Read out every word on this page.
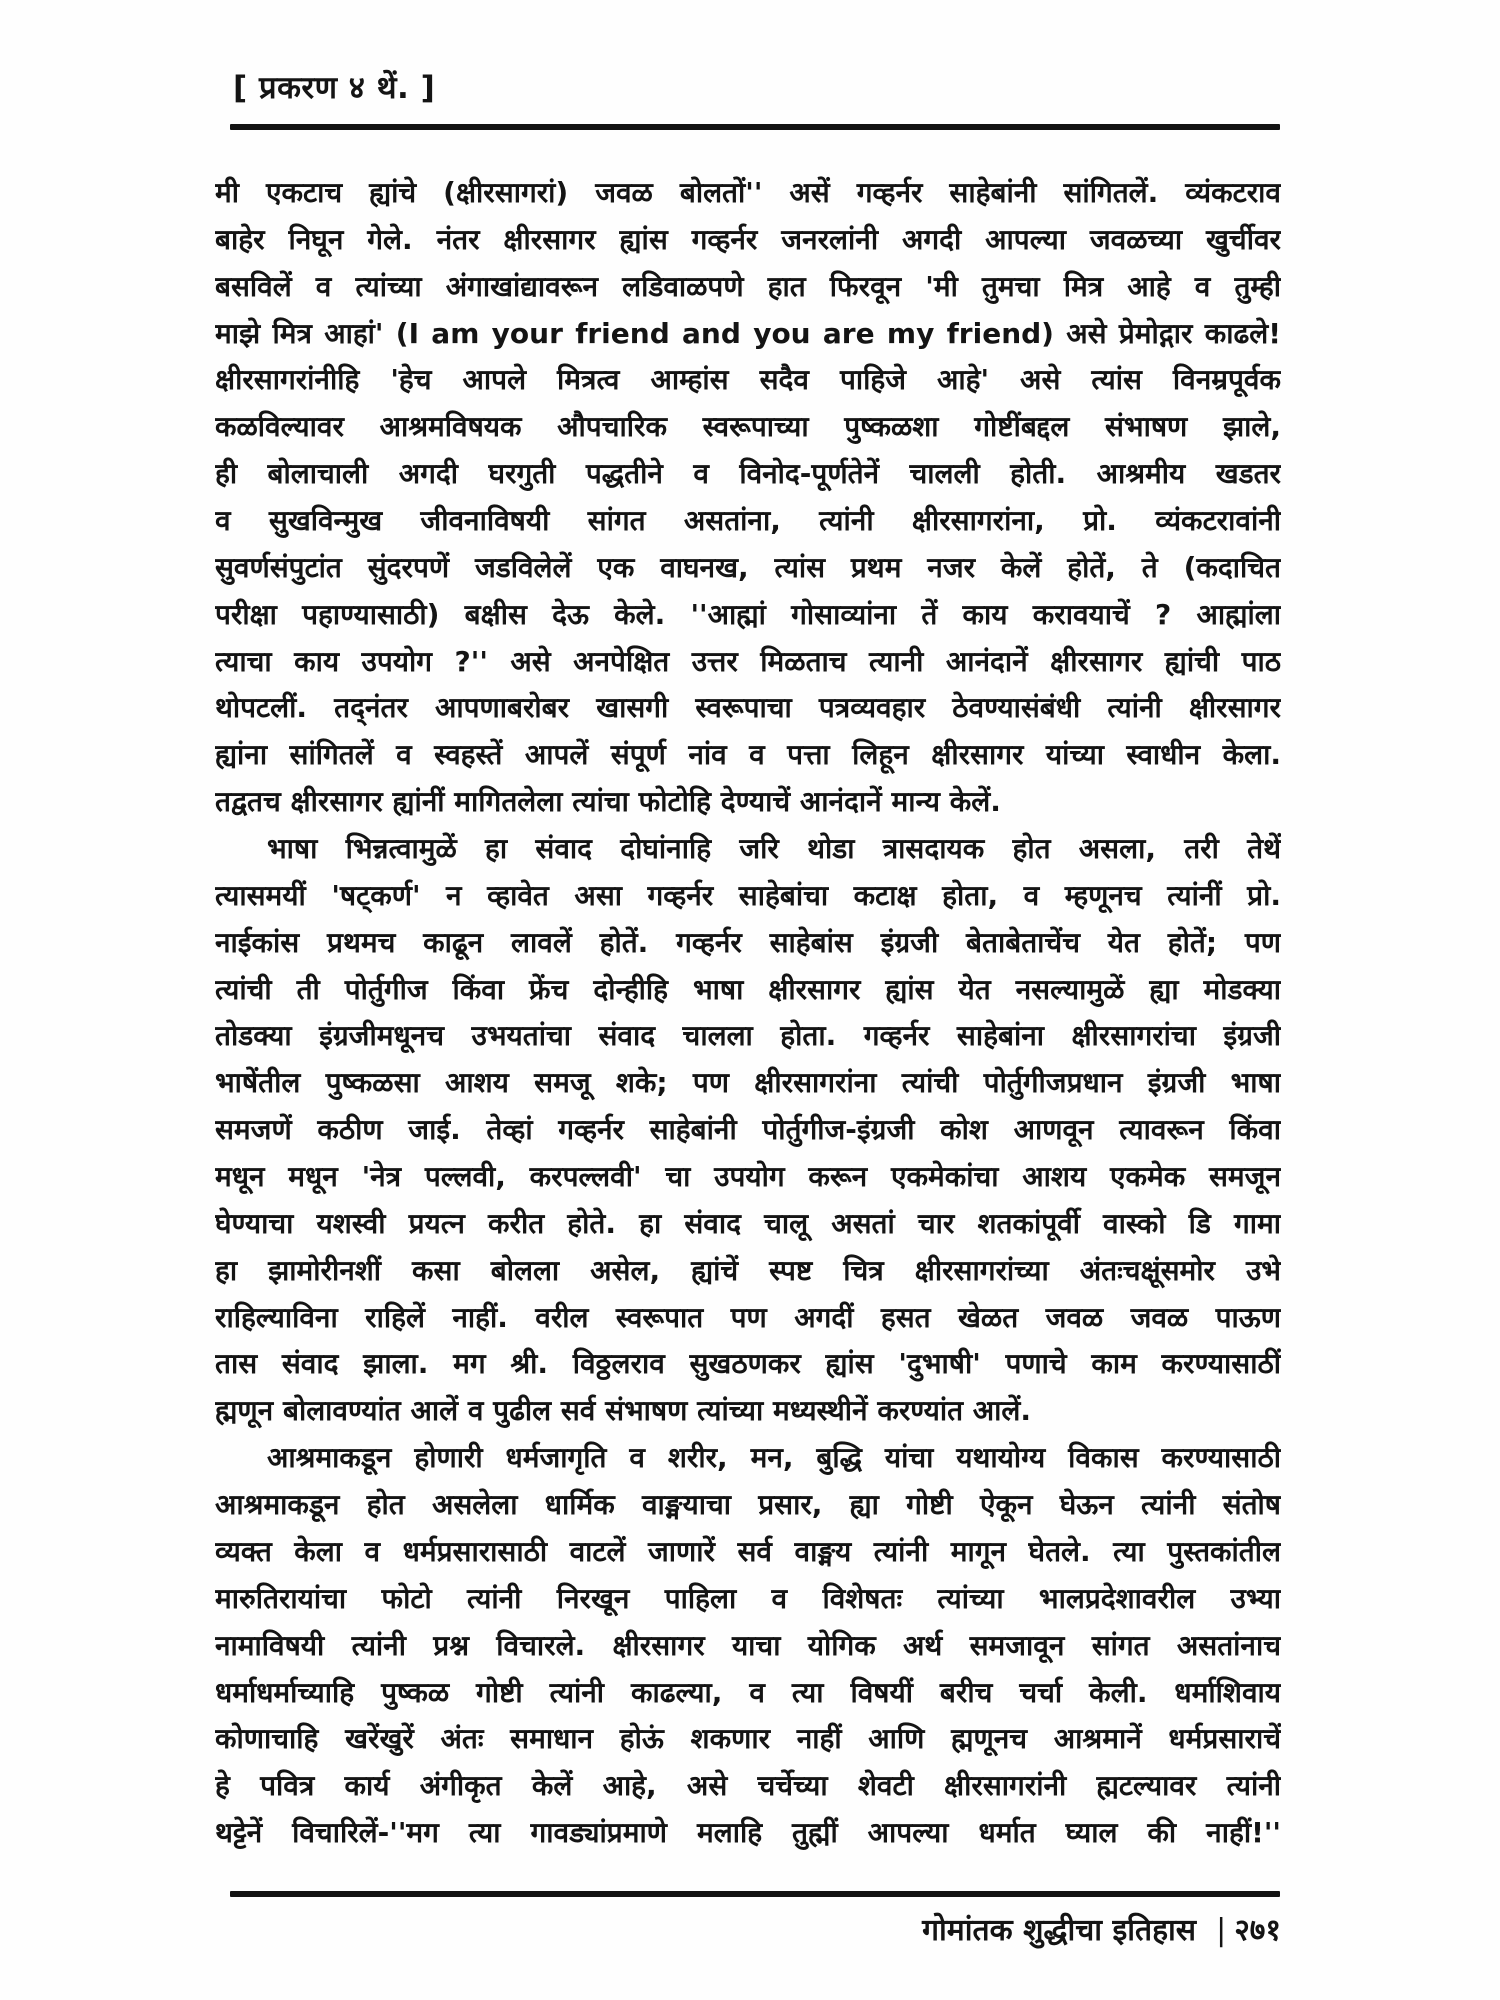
[ प्रकरण ४ थें. ]
मी एकटाच ह्यांचे (क्षीरसागरां) जवळ बोलतों'' असें गव्हर्नर साहेबांनी सांगितलें. व्यंकटराव
बाहेर निघून गेले. नंतर क्षीरसागर ह्यांस गव्हर्नर जनरलांनी अगदी आपल्या जवळच्या खुर्चीवर
बसविलें व त्यांच्या अंगाखांद्यावरून लडिवाळपणे हात फिरवून 'मी तुमचा मित्र आहे व तुम्ही
माझे मित्र आहां' (I am your friend and you are my friend) असे प्रेमोद्गार काढले!
क्षीरसागरांनीहि 'हेच आपले मित्रत्व आम्हांस सदैव पाहिजे आहे' असे त्यांस विनम्रपूर्वक
कळविल्यावर आश्रमविषयक औपचारिक स्वरूपाच्या पुष्कळशा गोष्टींबद्दल संभाषण झाले,
ही बोलाचाली अगदी घरगुती पद्धतीने व विनोद-पूर्णतेनें चालली होती. आश्रमीय खडतर
व सुखविन्मुख जीवनाविषयी सांगत असतांना, त्यांनी क्षीरसागरांना, प्रो. व्यंकटरावांनी
सुवर्णसंपुटांत सुंदरपणें जडविलेलें एक वाघनख, त्यांस प्रथम नजर केलें होतें, ते (कदाचित
परीक्षा पहाण्यासाठी) बक्षीस देऊ केले. ''आह्मां गोसाव्यांना तें काय करावयाचें ? आह्मांला
त्याचा काय उपयोग ?'' असे अनपेक्षित उत्तर मिळताच त्यानी आनंदानें क्षीरसागर ह्यांची पाठ
थोपटलीं. तद्नंतर आपणाबरोबर खासगी स्वरूपाचा पत्रव्यवहार ठेवण्यासंबंधी त्यांनी क्षीरसागर
ह्यांना सांगितलें व स्वहस्तें आपलें संपूर्ण नांव व पत्ता लिहून क्षीरसागर यांच्या स्वाधीन केला.
तद्वतच क्षीरसागर ह्यांनीं मागितलेला त्यांचा फोटोहि देण्याचें आनंदानें मान्य केलें.
भाषा भिन्नत्वामुळें हा संवाद दोघांनाहि जरि थोडा त्रासदायक होत असला, तरी तेथें
त्यासमयीं 'षट्कर्ण' न व्हावेत असा गव्हर्नर साहेबांचा कटाक्ष होता, व म्हणूनच त्यांनीं प्रो.
नाईकांस प्रथमच काढून लावलें होतें. गव्हर्नर साहेबांस इंग्रजी बेताबेताचेंच येत होतें; पण
त्यांची ती पोर्तुगीज किंवा फ्रेंच दोन्हीहि भाषा क्षीरसागर ह्यांस येत नसल्यामुळें ह्या मोडक्या
तोडक्या इंग्रजीमधूनच उभयतांचा संवाद चालला होता. गव्हर्नर साहेबांना क्षीरसागरांचा इंग्रजी
भाषेंतील पुष्कळसा आशय समजू शके; पण क्षीरसागरांना त्यांची पोर्तुगीजप्रधान इंग्रजी भाषा
समजणें कठीण जाई. तेव्हां गव्हर्नर साहेबांनी पोर्तुगीज-इंग्रजी कोश आणवून त्यावरून किंवा
मधून मधून 'नेत्र पल्लवी, करपल्लवी' चा उपयोग करून एकमेकांचा आशय एकमेक समजून
घेण्याचा यशस्वी प्रयत्न करीत होते. हा संवाद चालू असतां चार शतकांपूर्वी वास्को डि गामा
हा झामोरीनशीं कसा बोलला असेल, ह्यांचें स्पष्ट चित्र क्षीरसागरांच्या अंतःचक्षूंसमोर उभे
राहिल्याविना राहिलें नाहीं. वरील स्वरूपात पण अगदीं हसत खेळत जवळ जवळ पाऊण
तास संवाद झाला. मग श्री. विठ्ठलराव सुखठणकर ह्यांस 'दुभाषी' पणाचे काम करण्यासाठीं
ह्मणून बोलावण्यांत आलें व पुढील सर्व संभाषण त्यांच्या मध्यस्थीनें करण्यांत आलें.
आश्रमाकडून होणारी धर्मजागृति व शरीर, मन, बुद्धि यांचा यथायोग्य विकास करण्यासाठी
आश्रमाकडून होत असलेला धार्मिक वाङ्मयाचा प्रसार, ह्या गोष्टी ऐकून घेऊन त्यांनी संतोष
व्यक्त केला व धर्मप्रसारासाठी वाटलें जाणारें सर्व वाङ्मय त्यांनी मागून घेतले. त्या पुस्तकांतील
मारुतिरायांचा फोटो त्यांनी निरखून पाहिला व विशेषतः त्यांच्या भालप्रदेशावरील उभ्या
नामाविषयी त्यांनी प्रश्न विचारले. क्षीरसागर याचा योगिक अर्थ समजावून सांगत असतांनाच
धर्माधर्माच्याहि पुष्कळ गोष्टी त्यांनी काढल्या, व त्या विषयीं बरीच चर्चा केली. धर्माशिवाय
कोणाचाहि खरेंखुरें अंतः समाधान होऊं शकणार नाहीं आणि ह्मणूनच आश्रमानें धर्मप्रसाराचें
हे पवित्र कार्य अंगीकृत केलें आहे, असे चर्चेच्या शेवटी क्षीरसागरांनी ह्मटल्यावर त्यांनी
थट्टेनें विचारिलें-''मग त्या गावड्यांप्रमाणे मलाहि तुह्मीं आपल्या धर्मात घ्याल की नाहीं!''
गोमांतक शुद्धीचा इतिहास | २७१
